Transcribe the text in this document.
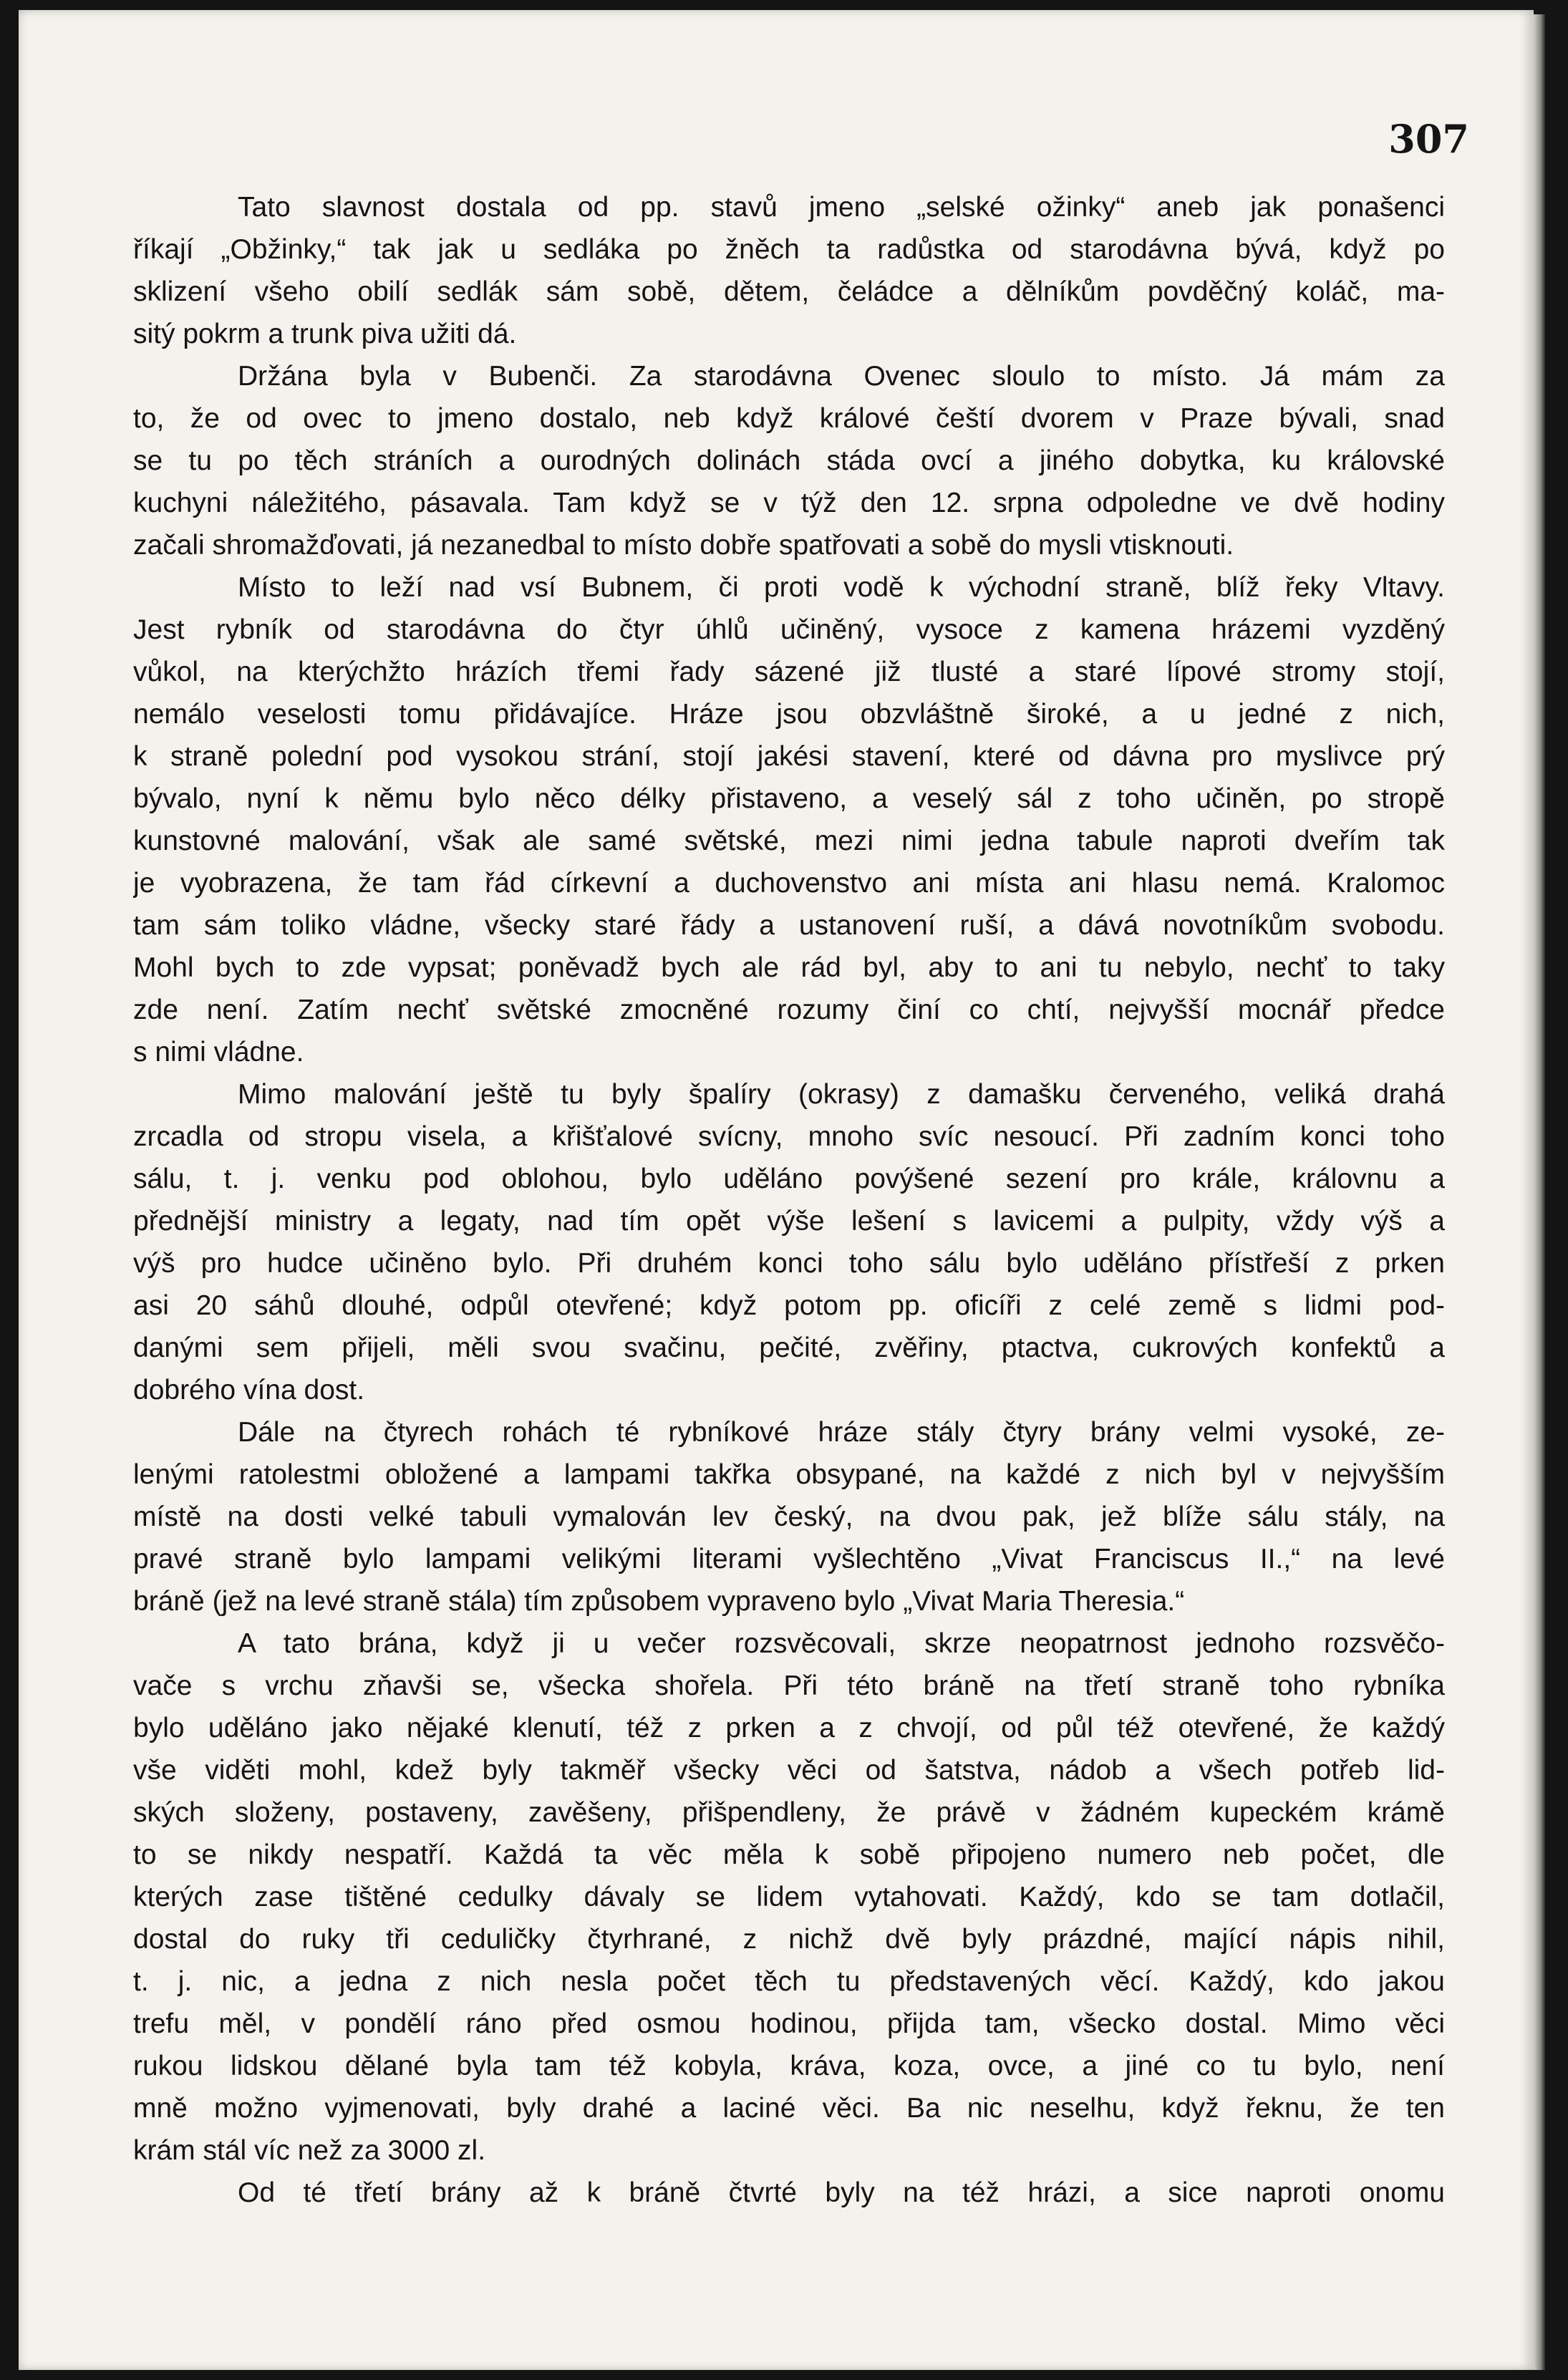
307
Tato slavnost dostala od pp. stavů jmeno „selské ožinky“ aneb jak ponašenci
říkají „Obžinky,“ tak jak u sedláka po žněch ta radůstka od starodávna bývá, když po
sklizení všeho obilí sedlák sám sobě, dětem, čeládce a dělníkům povděčný koláč, ma-
sitý pokrm a trunk piva užiti dá.
Držána byla v Bubenči. Za starodávna Ovenec sloulo to místo. Já mám za
to, že od ovec to jmeno dostalo, neb když králové čeští dvorem v Praze bývali, snad
se tu po těch stráních a ourodných dolinách stáda ovcí a jiného dobytka, ku královské
kuchyni náležitého, pásavala. Tam když se v týž den 12. srpna odpoledne ve dvě hodiny
začali shromažďovati, já nezanedbal to místo dobře spatřovati a sobě do mysli vtisknouti.
Místo to leží nad vsí Bubnem, či proti vodě k východní straně, blíž řeky Vltavy.
Jest rybník od starodávna do čtyr úhlů učiněný, vysoce z kamena hrázemi vyzděný
vůkol, na kterýchžto hrázích třemi řady sázené již tlusté a staré lípové stromy stojí,
nemálo veselosti tomu přidávajíce. Hráze jsou obzvláštně široké, a u jedné z nich,
k straně polední pod vysokou strání, stojí jakési stavení, které od dávna pro myslivce prý
bývalo, nyní k němu bylo něco délky přistaveno, a veselý sál z toho učiněn, po stropě
kunstovné malování, však ale samé světské, mezi nimi jedna tabule naproti dveřím tak
je vyobrazena, že tam řád církevní a duchovenstvo ani místa ani hlasu nemá. Kralomoc
tam sám toliko vládne, všecky staré řády a ustanovení ruší, a dává novotníkům svobodu.
Mohl bych to zde vypsat; poněvadž bych ale rád byl, aby to ani tu nebylo, nechť to taky
zde není. Zatím nechť světské zmocněné rozumy činí co chtí, nejvyšší mocnář předce
s nimi vládne.
Mimo malování ještě tu byly špalíry (okrasy) z damašku červeného, veliká drahá
zrcadla od stropu visela, a křišťalové svícny, mnoho svíc nesoucí. Při zadním konci toho
sálu, t. j. venku pod oblohou, bylo uděláno povýšené sezení pro krále, královnu a
přednější ministry a legaty, nad tím opět výše lešení s lavicemi a pulpity, vždy výš a
výš pro hudce učiněno bylo. Při druhém konci toho sálu bylo uděláno přístřeší z prken
asi 20 sáhů dlouhé, odpůl otevřené; když potom pp. oficíři z celé země s lidmi pod-
danými sem přijeli, měli svou svačinu, pečité, zvěřiny, ptactva, cukrových konfektů a
dobrého vína dost.
Dále na čtyrech rohách té rybníkové hráze stály čtyry brány velmi vysoké, ze-
lenými ratolestmi obložené a lampami takřka obsypané, na každé z nich byl v nejvyšším
místě na dosti velké tabuli vymalován lev český, na dvou pak, jež blíže sálu stály, na
pravé straně bylo lampami velikými literami vyšlechtěno „Vivat Franciscus II.,“ na levé
bráně (jež na levé straně stála) tím způsobem vypraveno bylo „Vivat Maria Theresia.“
A tato brána, když ji u večer rozsvěcovali, skrze neopatrnost jednoho rozsvěčo-
vače s vrchu zňavši se, všecka shořela. Při této bráně na třetí straně toho rybníka
bylo uděláno jako nějaké klenutí, též z prken a z chvojí, od půl též otevřené, že každý
vše viděti mohl, kdež byly takměř všecky věci od šatstva, nádob a všech potřeb lid-
ských složeny, postaveny, zavěšeny, přišpendleny, že právě v žádném kupeckém krámě
to se nikdy nespatří. Každá ta věc měla k sobě připojeno numero neb počet, dle
kterých zase tištěné cedulky dávaly se lidem vytahovati. Každý, kdo se tam dotlačil,
dostal do ruky tři ceduličky čtyrhrané, z nichž dvě byly prázdné, mající nápis nihil,
t. j. nic, a jedna z nich nesla počet těch tu představených věcí. Každý, kdo jakou
trefu měl, v pondělí ráno před osmou hodinou, přijda tam, všecko dostal. Mimo věci
rukou lidskou dělané byla tam též kobyla, kráva, koza, ovce, a jiné co tu bylo, není
mně možno vyjmenovati, byly drahé a laciné věci. Ba nic neselhu, když řeknu, že ten
krám stál víc než za 3000 zl.
Od té třetí brány až k bráně čtvrté byly na též hrázi, a sice naproti onomu
